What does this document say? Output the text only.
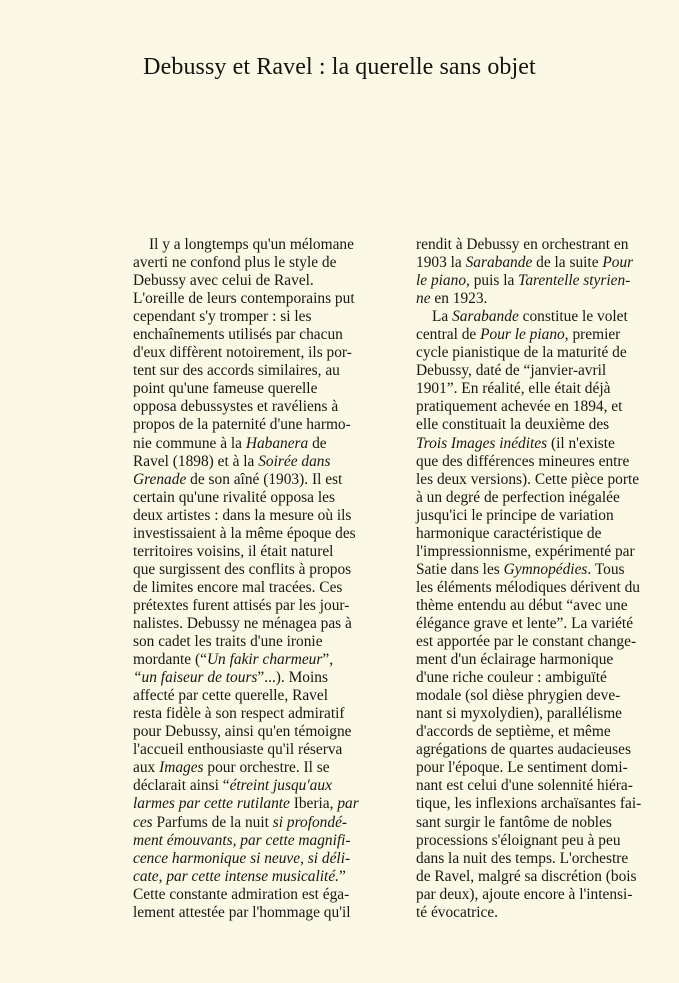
Debussy et Ravel : la querelle sans objet
Il y a longtemps qu'un mélomane
averti ne confond plus le style de
Debussy avec celui de Ravel.
L'oreille de leurs contemporains put
cependant s'y tromper : si les
enchaînements utilisés par chacun
d'eux diffèrent notoirement, ils por-
tent sur des accords similaires, au
point qu'une fameuse querelle
opposa debussystes et ravéliens à
propos de la paternité d'une harmo-
nie commune à la Habanera de
Ravel (1898) et à la Soirée dans
Grenade de son aîné (1903). Il est
certain qu'une rivalité opposa les
deux artistes : dans la mesure où ils
investissaient à la même époque des
territoires voisins, il était naturel
que surgissent des conflits à propos
de limites encore mal tracées. Ces
prétextes furent attisés par les jour-
nalistes. Debussy ne ménagea pas à
son cadet les traits d'une ironie
mordante (“Un fakir charmeur”,
“un faiseur de tours”...). Moins
affecté par cette querelle, Ravel
resta fidèle à son respect admiratif
pour Debussy, ainsi qu'en témoigne
l'accueil enthousiaste qu'il réserva
aux Images pour orchestre. Il se
déclarait ainsi “étreint jusqu'aux
larmes par cette rutilante Iberia, par
ces Parfums de la nuit si profondé-
ment émouvants, par cette magnifi-
cence harmonique si neuve, si déli-
cate, par cette intense musicalité.”
Cette constante admiration est éga-
lement attestée par l'hommage qu'il
rendit à Debussy en orchestrant en
1903 la Sarabande de la suite Pour
le piano, puis la Tarentelle styrien-
ne en 1923.
La Sarabande constitue le volet
central de Pour le piano, premier
cycle pianistique de la maturité de
Debussy, daté de “janvier-avril
1901”. En réalité, elle était déjà
pratiquement achevée en 1894, et
elle constituait la deuxième des
Trois Images inédites (il n'existe
que des différences mineures entre
les deux versions). Cette pièce porte
à un degré de perfection inégalée
jusqu'ici le principe de variation
harmonique caractéristique de
l'impressionnisme, expérimenté par
Satie dans les Gymnopédies. Tous
les éléments mélodiques dérivent du
thème entendu au début “avec une
élégance grave et lente”. La variété
est apportée par le constant change-
ment d'un éclairage harmonique
d'une riche couleur : ambiguïté
modale (sol dièse phrygien deve-
nant si myxolydien), parallélisme
d'accords de septième, et même
agrégations de quartes audacieuses
pour l'époque. Le sentiment domi-
nant est celui d'une solennité hiéra-
tique, les inflexions archaïsantes fai-
sant surgir le fantôme de nobles
processions s'éloignant peu à peu
dans la nuit des temps. L'orchestre
de Ravel, malgré sa discrétion (bois
par deux), ajoute encore à l'intensi-
té évocatrice.
